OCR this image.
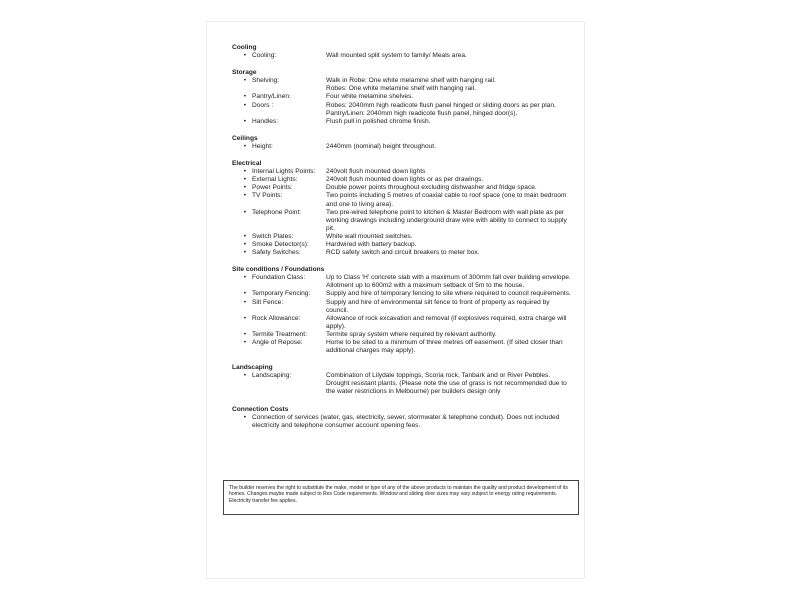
Cooling
• Cooling:	Wall mounted split system to family/ Meals area.
Storage
• Shelving:	Walk in Robe: One white melamine shelf with hanging rail.
Robes: One white melamine shelf with hanging rail.
• Pantry/Linen:	Four white melamine shelves.
• Doors :	Robes: 2040mm high readicote flush panel hinged or sliding doors as per plan. Pantry/Linen: 2040mm high readicote flush panel, hinged door(s).
• Handles:	Flush pull in polished chrome finish.
Ceilings
• Height:	2440mm (nominal) height throughout.
Electrical
• Internal Lights Points:	240volt flush mounted down lights
• External Lights:	240volt flush mounted down lights or as per drawings.
• Power Points:	Double power points throughout excluding dishwasher and fridge space.
• TV Points:	Two points including 5 metres of coaxial cable to roof space (one to main bedroom and one to living area).
• Telephone Point:	Two pre-wired telephone point to kitchen & Master Bedroom with wall plate as per working drawings including underground draw wire with ability to connect to supply pit.
• Switch Plates:	White wall mounted switches.
• Smoke Detector(s):	Hardwired with battery backup.
• Safety Switches:	RCD safety switch and circuit breakers to meter box.
Site conditions / Foundations
• Foundation Class:	Up to Class 'H' concrete slab with a maximum of 300mm fall over building envelope. Allotment up to 600m2 with a maximum setback of 5m to the house.
• Temporary Fencing:	Supply and hire of temporary fencing to site where required to council requirements.
• Silt Fence:	Supply and hire of environmental silt fence to front of property as required by council.
• Rock Allowance:	Allowance of rock excavation and removal (if explosives required, extra charge will apply).
• Termite Treatment:	Termite spray system where required by relevant authority.
• Angle of Repose:	Home to be sited to a minimum of three metres off easement. (If sited closer than additional charges may apply).
Landscaping
• Landscaping:	Combination of Lilydale toppings, Scoria rock, Tanbark and or River Pebbles. Drought resistant plants. (Please note the use of grass is not recommended due to the water restrictions in Melbourne) per builders design only
Connection Costs
• Connection of services (water, gas, electricity, sewer, stormwater & telephone conduit). Does not included electricity and telephone consumer account opening fees.
The builder reserves the right to substitute the make, model or type of any of the above products to maintain the quality and product development of its homes. Changes maybe made subject to Res Code requirements. Window and sliding door sizes may vary subject to energy rating requirements. Electricity transfer fee applies.
